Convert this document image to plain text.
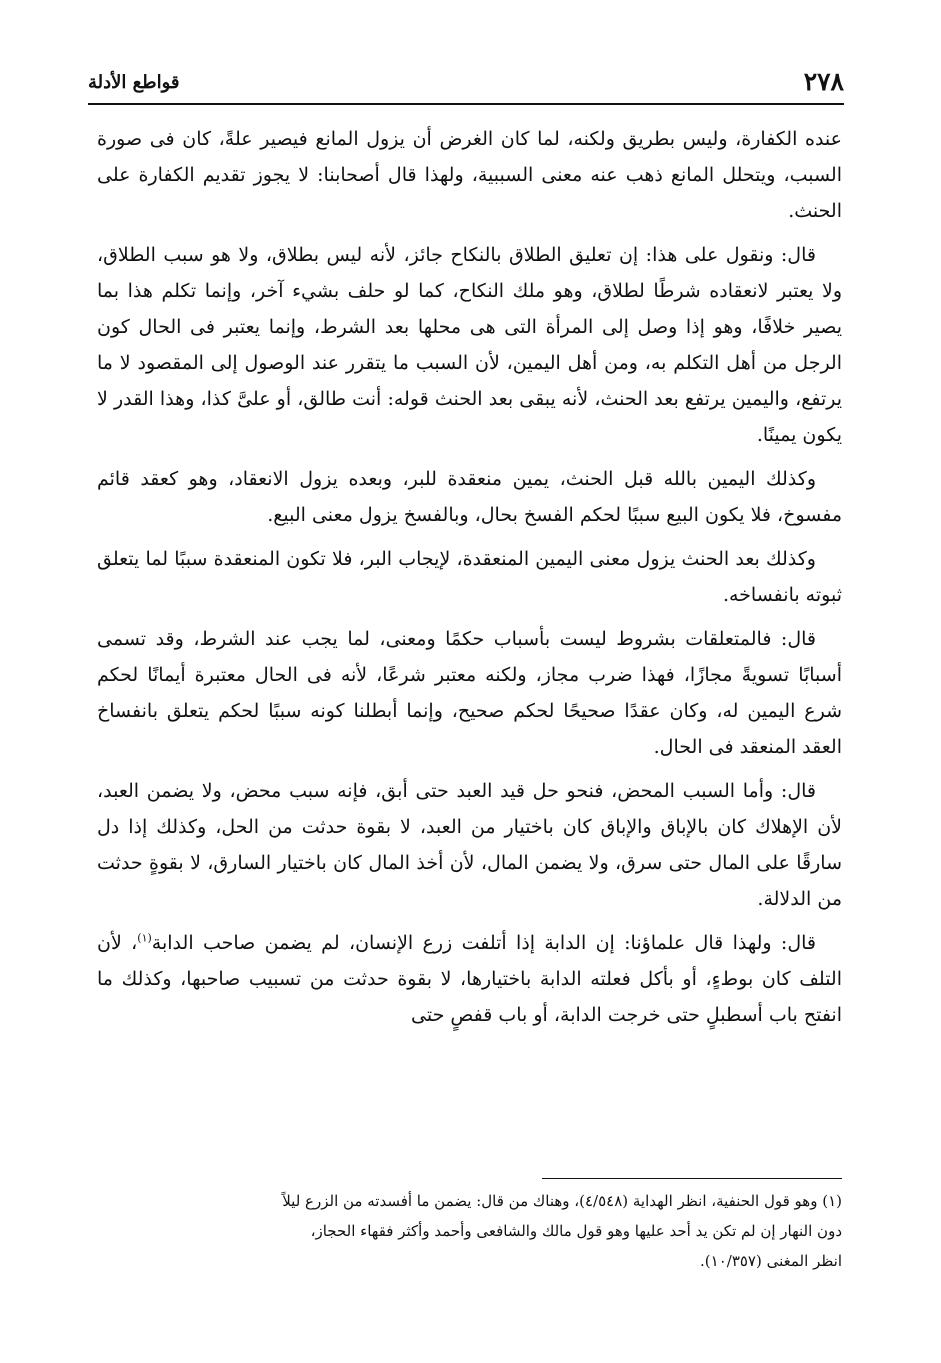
٢٧٨
قواطع الأدلة

عنده الكفارة، وليس بطريق ولكنه، لما كان الغرض أن يزول المانع فيصير علةً، كان فى صورة السبب، ويتحلل المانع ذهب عنه معنى السببية، ولهذا قال أصحابنا: لا يجوز تقديم الكفارة على الحنث.

قال: ونقول على هذا: إن تعليق الطلاق بالنكاح جائز، لأنه ليس بطلاق، ولا هو سبب الطلاق، ولا يعتبر لانعقاده شرطًا لطلاق، وهو ملك النكاح، كما لو حلف بشيء آخر، وإنما تكلم هذا بما يصير خلافًا، وهو إذا وصل إلى المرأة التى هى محلها بعد الشرط، وإنما يعتبر فى الحال كون الرجل من أهل التكلم به، ومن أهل اليمين، لأن السبب ما يتقرر عند الوصول إلى المقصود لا ما يرتفع، واليمين يرتفع بعد الحنث، لأنه يبقى بعد الحنث قوله: أنت طالق، أو علىَّ كذا، وهذا القدر لا يكون يمينًا.

وكذلك اليمين بالله قبل الحنث، يمين منعقدة للبر، وبعده يزول الانعقاد، وهو كعقد قائم مفسوخ، فلا يكون البيع سببًا لحكم الفسخ بحال، وبالفسخ يزول معنى البيع.

وكذلك بعد الحنث يزول معنى اليمين المنعقدة، لإيجاب البر، فلا تكون المنعقدة سببًا لما يتعلق ثبوته بانفساخه.

قال: فالمتعلقات بشروط ليست بأسباب حكمًا ومعنى، لما يجب عند الشرط، وقد تسمى أسبابًا تسويةً مجازًا، فهذا ضرب مجاز، ولكنه معتبر شرعًا، لأنه فى الحال معتبرة أيمانًا لحكم شرع اليمين له، وكان عقدًا صحيحًا لحكم صحيح، وإنما أبطلنا كونه سببًا لحكم يتعلق بانفساخ العقد المنعقد فى الحال.

قال: وأما السبب المحض، فنحو حل قيد العبد حتى أبق، فإنه سبب محض، ولا يضمن العبد، لأن الإهلاك كان بالإباق والإباق كان باختيار من العبد، لا بقوة حدثت من الحل، وكذلك إذا دل سارقًا على المال حتى سرق، ولا يضمن المال، لأن أخذ المال كان باختيار السارق، لا بقوةٍ حدثت من الدلالة.

قال: ولهذا قال علماؤنا: إن الدابة إذا أتلفت زرع الإنسان، لم يضمن صاحب الدابة$^{(١)}$، لأن التلف كان بوطءٍ، أو بأكل فعلته الدابة باختيارها، لا بقوة حدثت من تسبيب صاحبها، وكذلك ما انفتح باب أسطبلٍ حتى خرجت الدابة، أو باب قفصٍ حتى

(١) وهو قول الحنفية، انظر الهداية (٤/٥٤٨)، وهناك من قال: يضمن ما أفسدته من الزرع ليلاً
دون النهار إن لم تكن يد أحد عليها وهو قول مالك والشافعى وأحمد وأكثر فقهاء الحجاز،
انظر المغنى (١٠/٣٥٧).
